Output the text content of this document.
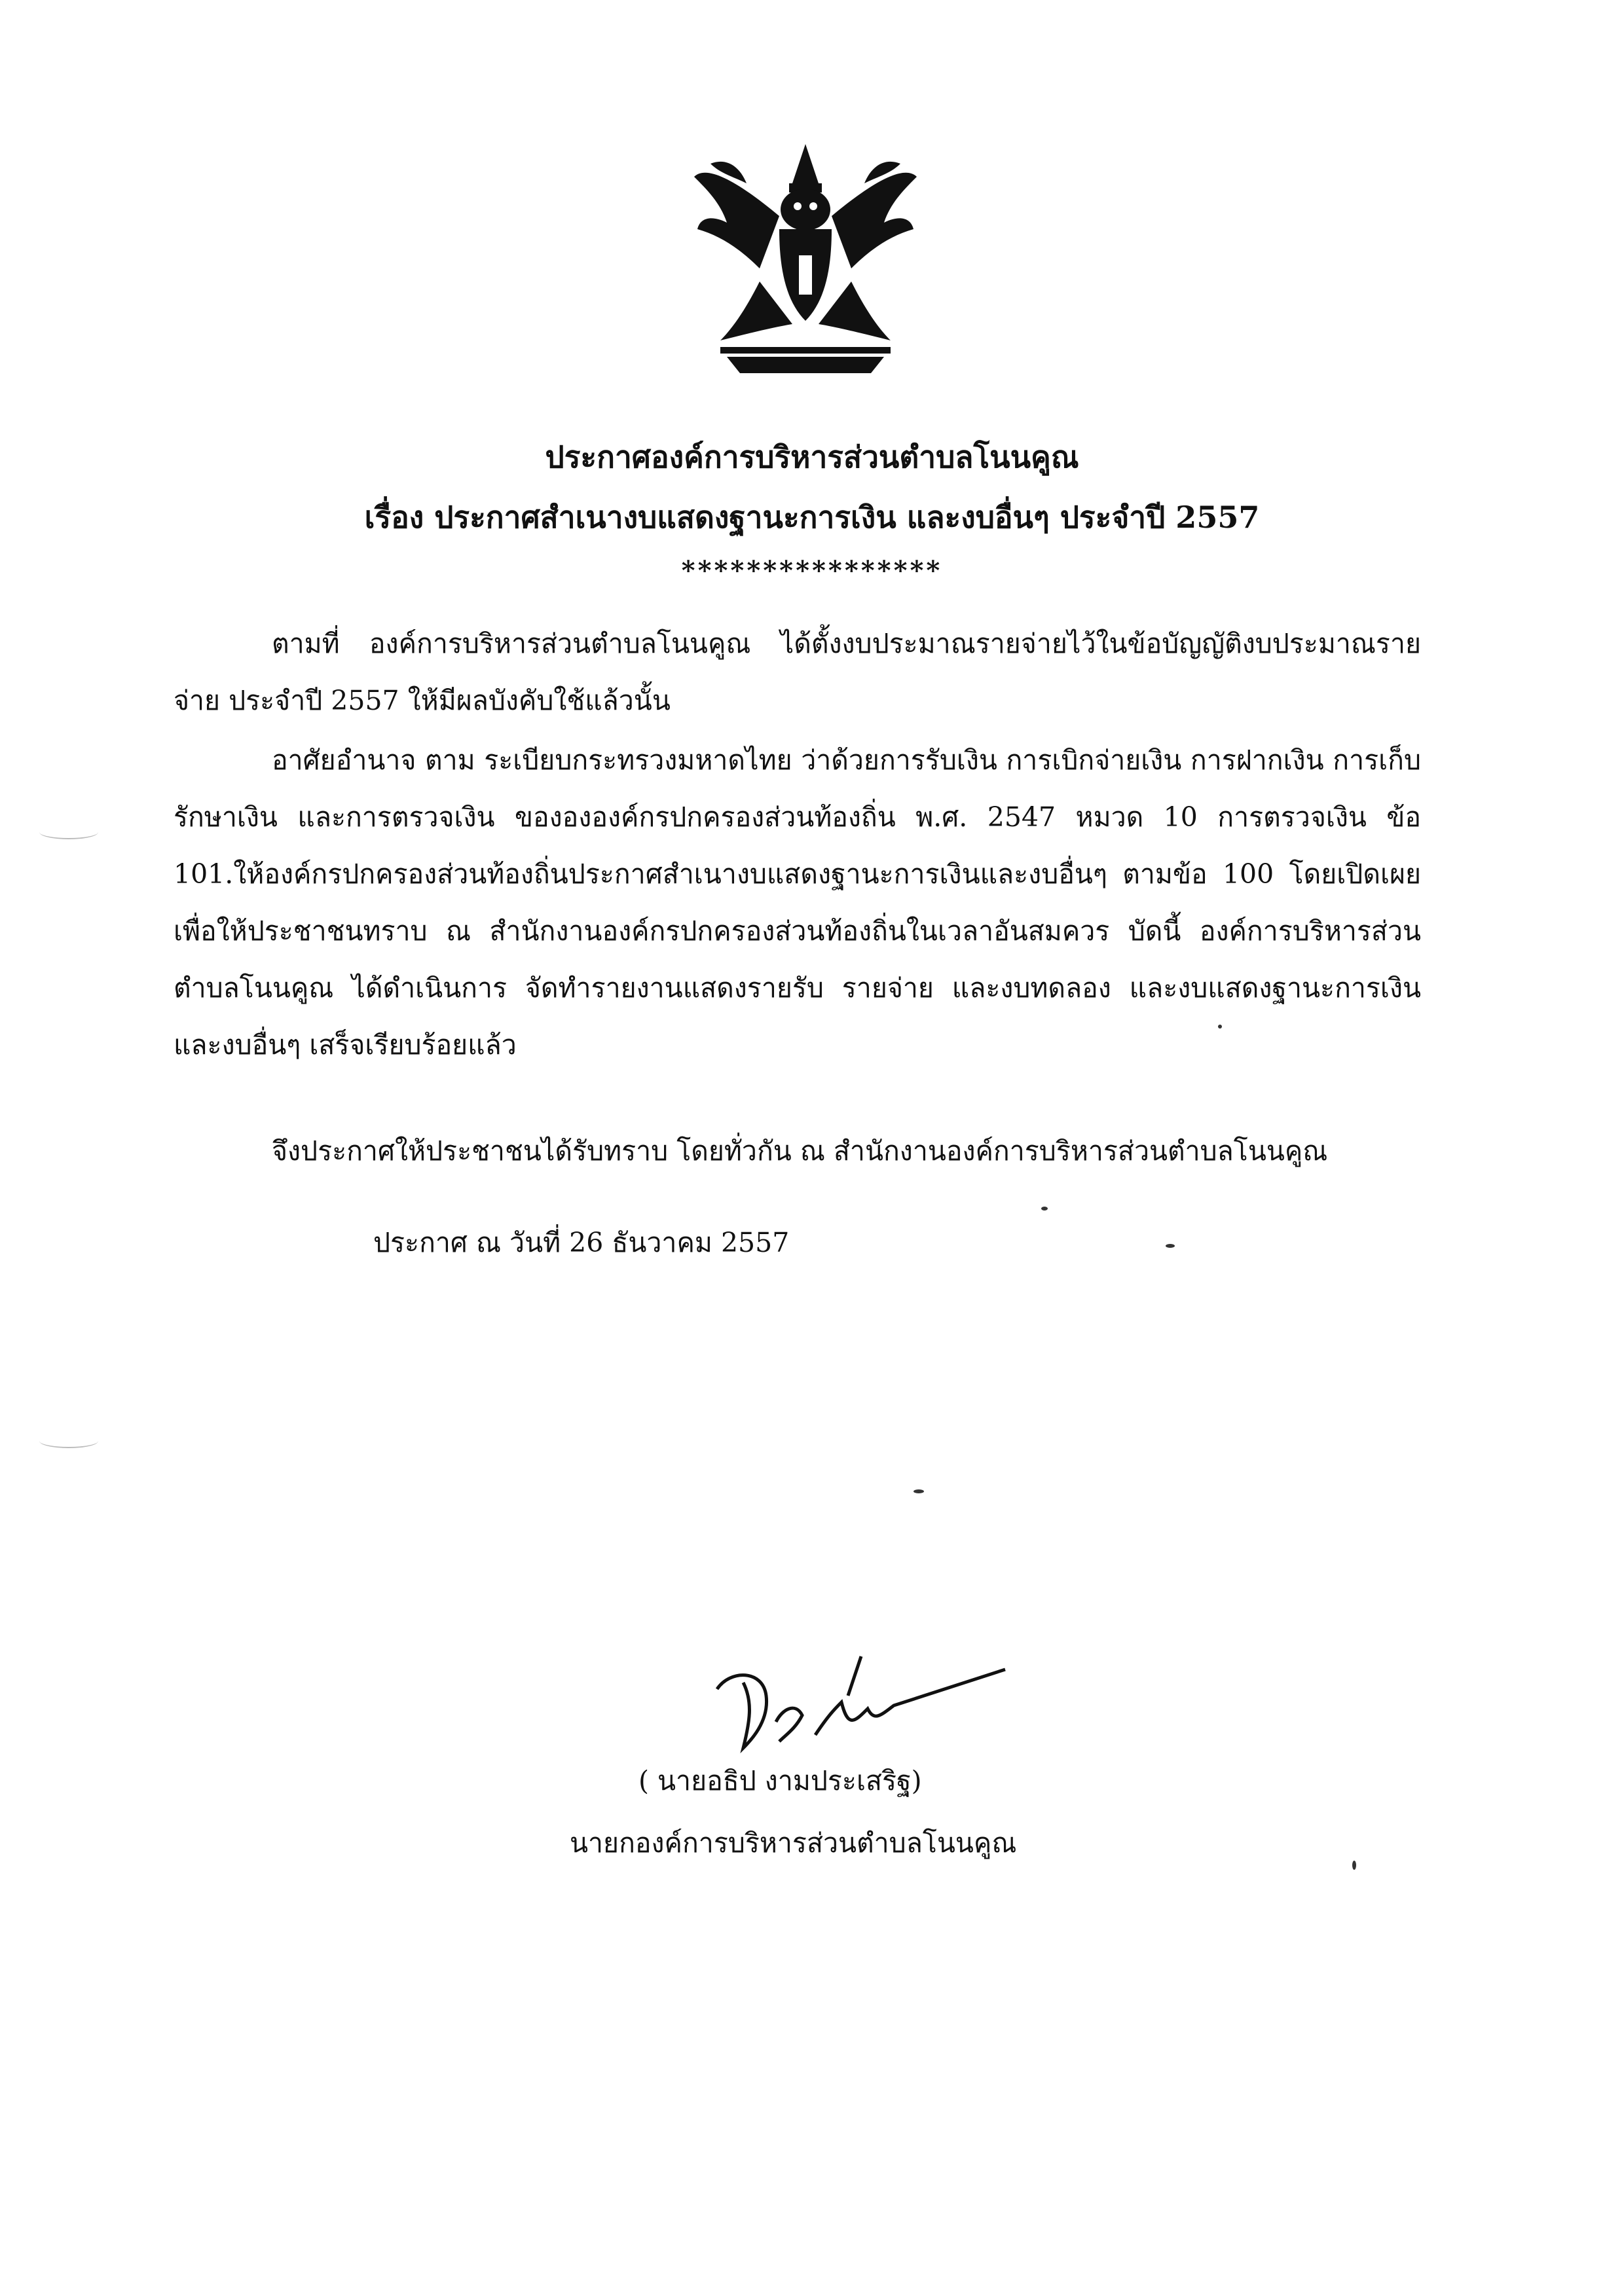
ประกาศองค์การบริหารส่วนตำบลโนนคูณ
เรื่อง ประกาศสำเนางบแสดงฐานะการเงิน และงบอื่นๆ ประจำปี 2557
****************

ตามที่ องค์การบริหารส่วนตำบลโนนคูณ ได้ตั้งงบประมาณรายจ่ายไว้ในข้อบัญญัติงบประมาณรายจ่าย ประจำปี 2557 ให้มีผลบังคับใช้แล้วนั้น

อาศัยอำนาจ ตาม ระเบียบกระทรวงมหาดไทย ว่าด้วยการรับเงิน การเบิกจ่ายเงิน การฝากเงิน การเก็บรักษาเงิน และการตรวจเงิน ของององค์กรปกครองส่วนท้องถิ่น พ.ศ. 2547 หมวด 10 การตรวจเงิน ข้อ 101.ให้องค์กรปกครองส่วนท้องถิ่นประกาศสำเนางบแสดงฐานะการเงินและงบอื่นๆ ตามข้อ 100 โดยเปิดเผยเพื่อให้ประชาชนทราบ ณ สำนักงานองค์กรปกครองส่วนท้องถิ่นในเวลาอันสมควร บัดนี้ องค์การบริหารส่วนตำบลโนนคูณ ได้ดำเนินการ จัดทำรายงานแสดงรายรับ รายจ่าย และงบทดลอง และงบแสดงฐานะการเงิน และงบอื่นๆ เสร็จเรียบร้อยแล้ว

จึงประกาศให้ประชาชนได้รับทราบ โดยทั่วกัน ณ สำนักงานองค์การบริหารส่วนตำบลโนนคูณ

ประกาศ ณ วันที่ 26 ธันวาคม 2557
( นายอธิป งามประเสริฐ)
นายกองค์การบริหารส่วนตำบลโนนคูณ
